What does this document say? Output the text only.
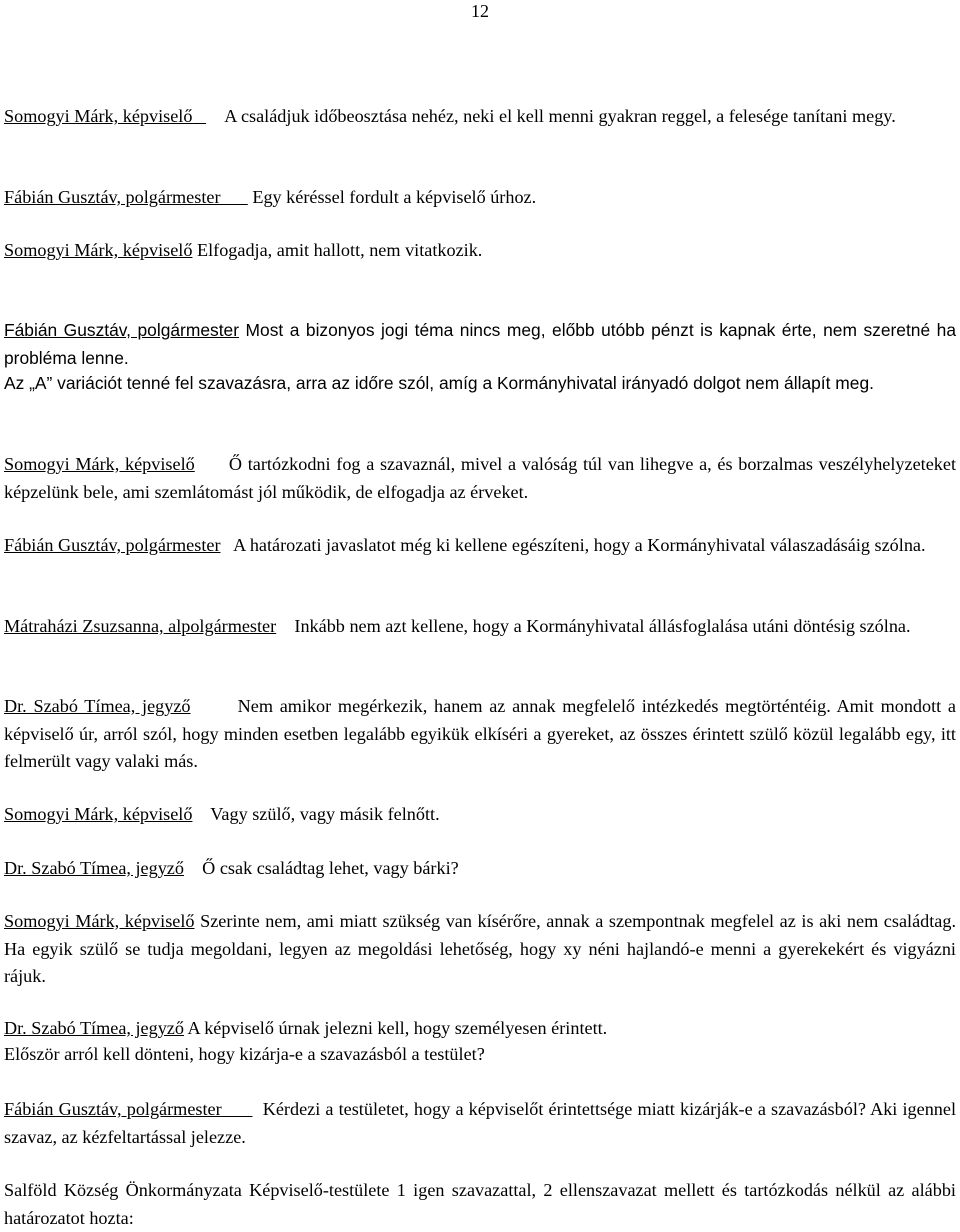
12

Somogyi Márk, képviselő A családjuk időbeosztása nehéz, neki el kell menni gyakran reggel, a feleségе tanítani megy.

Fábián Gusztáv, polgármester Egy kéréssel fordult a képviselő úrhoz.

Somogyi Márk, képviselő Elfogadja, amit hallott, nem vitatkozik.

Fábián Gusztáv, polgármester Most a bizonyos jogi téma nincs meg, előbb utóbb pénzt is kapnak érte, nem szeretné ha probléma lenne.

Az „A” variációt tenné fel szavazásra, arra az időre szól, amíg a Kormányhivatal irányadó dolgot nem állapít meg.

Somogyi Márk, képviselő Ő tartózkodni fog a szavaznál, mivel a valóság túl van lihegve a, és borzalmas veszélyhelyzeteket képzelünk bele, ami szemlátomást jól működik, de elfogadja az érveket.

Fábián Gusztáv, polgármester A határozati javaslatot még ki kellene egészíteni, hogy a Kormányhivatal válaszadásáig szólna.

Mátraházi Zsuzsanna, alpolgármester Inkább nem azt kellene, hogy a Kormányhivatal állásfoglalása utáni döntésig szólna.

Dr. Szabó Tímea, jegyző	Nem amikor megérkezik, hanem az annak megfelelő intézkedés megtörténtéig. Amit mondott a képviselő úr, arról szól, hogy minden esetben legalább egyikük elkíséri a gyereket, az összes érintett szülő közül legalább egy, itt felmerült vagy valaki más.

Somogyi Márk, képviselő Vagy szülő, vagy másik felnőtt.

Dr. Szabó Tímea, jegyző Ő csak családtag lehet, vagy bárki?

Somogyi Márk, képviselő Szerinte nem, ami miatt szükség van kísérőre, annak a szempontnak megfelel az is aki nem családtag. Ha egyik szülő se tudja megoldani, legyen az megoldási lehetőség, hogy xy néni hajlandó-e menni a gyerekekért és vigyázni rájuk.

Dr. Szabó Tímea, jegyző A képviselő úrnak jelezni kell, hogy személyesen érintett.

Először arról kell dönteni, hogy kizárja-e a szavazásból a testület?

Fábián Gusztáv, polgármester Kérdezi a testületet, hogy a képviselőt érintettsége miatt kizárják-e a szavazásból? Aki igennel szavaz, az kézfeltartással jelezze.

Salföld Község Önkormányzata Képviselő-testülete 1 igen szavazattal, 2 ellenszavazat mellett és tartózkodás nélkül az alábbi határozatot hozta:
